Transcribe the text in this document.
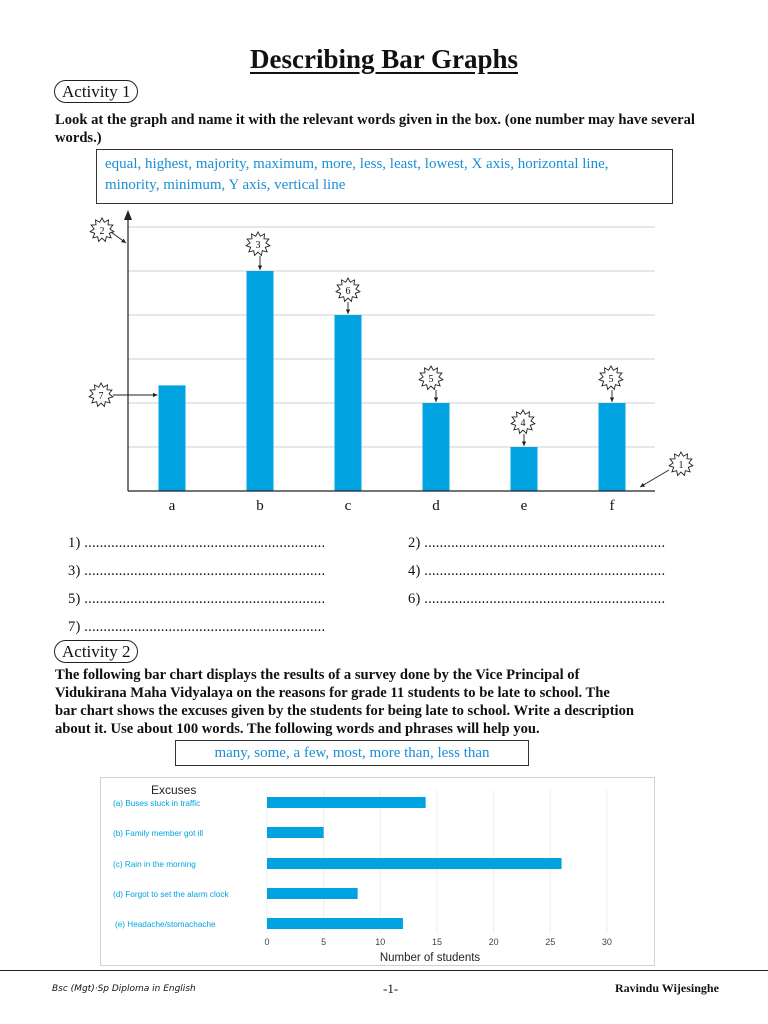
Describing Bar Graphs
Activity 1
Look at the graph and name it with the relevant words given in the box. (one number may have several words.)
equal, highest, majority, maximum, more, less, least, lowest, X axis, horizontal line,
minority, minimum, Y axis, vertical line
a	b	c	d	e	f
2
3
6
5
4
5
7
1
1) ...............................................................	2) ...............................................................
3) ...............................................................	4) ...............................................................
5) ...............................................................	6) ...............................................................
7) ...............................................................
Activity 2
The following bar chart displays the results of a survey done by the Vice Principal of
Vidukirana Maha Vidyalaya on the reasons for grade 11 students to be late to school. The
bar chart shows the excuses given by the students for being late to school. Write a description
about it. Use about 100 words. The following words and phrases will help you.
many, some, a few, most, more than, less than
Excuses
(a) Buses stuck in traffic
(b) Family member got ill
(c) Rain in the morning
(d) Forgot to set the alarm clock
(e) Headache/stomachache
0	5	10	15	20	25	30
Number of students
Bsc (Mgt)·Sp Diploma in English	-1-	Ravindu Wijesinghe
